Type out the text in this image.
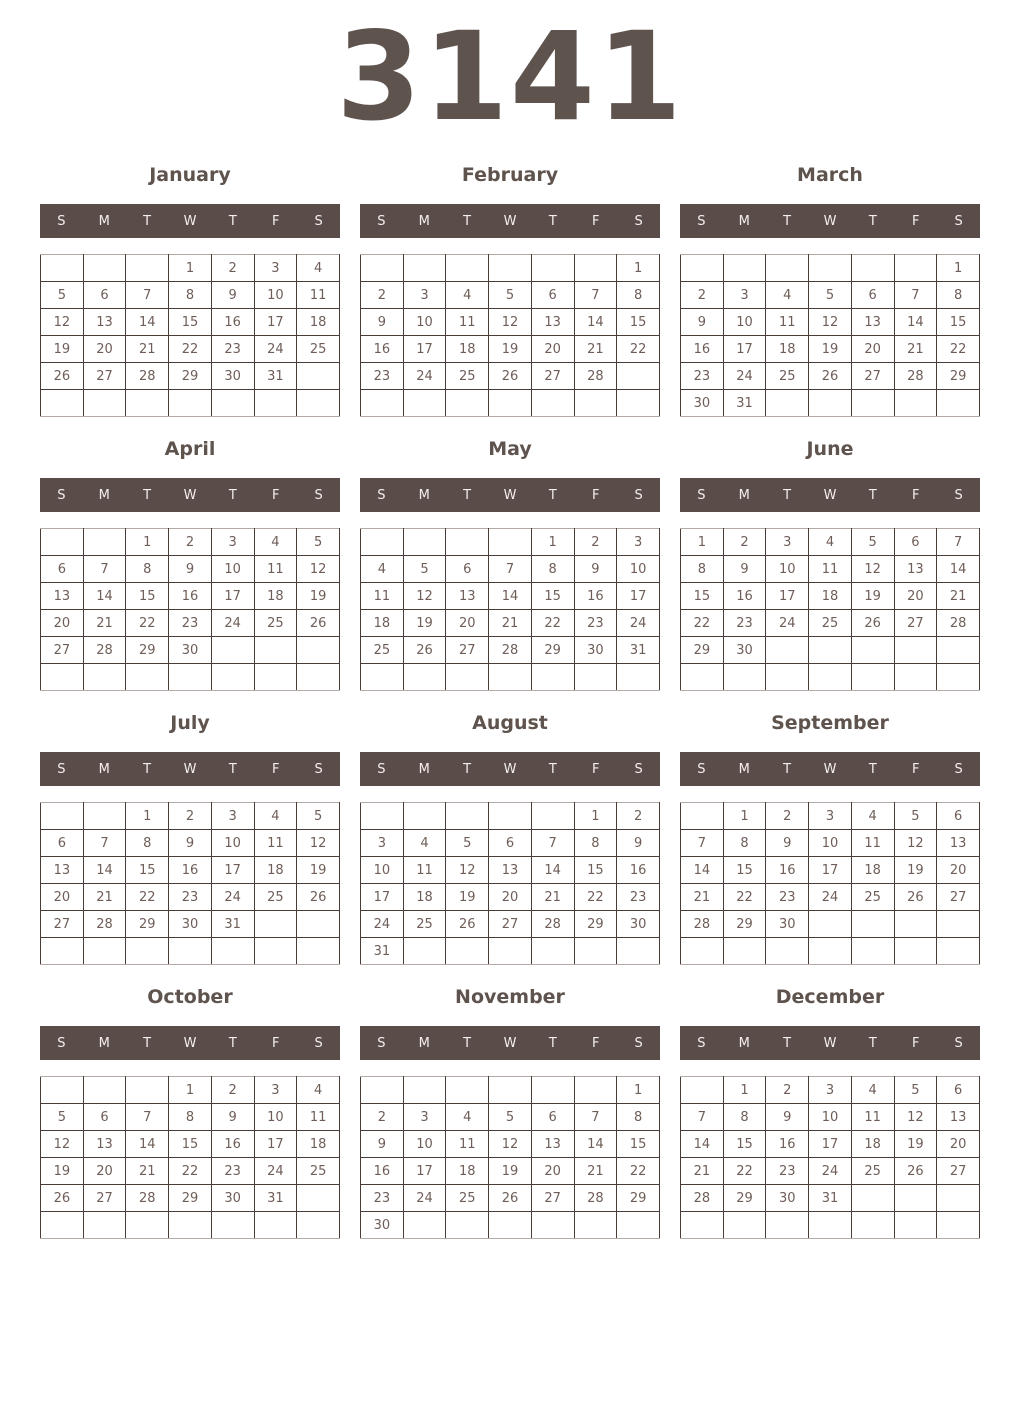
3141
January
S	M	T	W	T	F	S
			1	2	3	4
5	6	7	8	9	10	11
12	13	14	15	16	17	18
19	20	21	22	23	24	25
26	27	28	29	30	31	

February
S	M	T	W	T	F	S
						1
2	3	4	5	6	7	8
9	10	11	12	13	14	15
16	17	18	19	20	21	22
23	24	25	26	27	28	

March
S	M	T	W	T	F	S
						1
2	3	4	5	6	7	8
9	10	11	12	13	14	15
16	17	18	19	20	21	22
23	24	25	26	27	28	29
30	31					
April
S	M	T	W	T	F	S
		1	2	3	4	5
6	7	8	9	10	11	12
13	14	15	16	17	18	19
20	21	22	23	24	25	26
27	28	29	30			

May
S	M	T	W	T	F	S
				1	2	3
4	5	6	7	8	9	10
11	12	13	14	15	16	17
18	19	20	21	22	23	24
25	26	27	28	29	30	31

June
S	M	T	W	T	F	S
1	2	3	4	5	6	7
8	9	10	11	12	13	14
15	16	17	18	19	20	21
22	23	24	25	26	27	28
29	30					

July
S	M	T	W	T	F	S
		1	2	3	4	5
6	7	8	9	10	11	12
13	14	15	16	17	18	19
20	21	22	23	24	25	26
27	28	29	30	31		

August
S	M	T	W	T	F	S
					1	2
3	4	5	6	7	8	9
10	11	12	13	14	15	16
17	18	19	20	21	22	23
24	25	26	27	28	29	30
31						
September
S	M	T	W	T	F	S
	1	2	3	4	5	6
7	8	9	10	11	12	13
14	15	16	17	18	19	20
21	22	23	24	25	26	27
28	29	30				

October
S	M	T	W	T	F	S
			1	2	3	4
5	6	7	8	9	10	11
12	13	14	15	16	17	18
19	20	21	22	23	24	25
26	27	28	29	30	31	

November
S	M	T	W	T	F	S
						1
2	3	4	5	6	7	8
9	10	11	12	13	14	15
16	17	18	19	20	21	22
23	24	25	26	27	28	29
30						
December
S	M	T	W	T	F	S
	1	2	3	4	5	6
7	8	9	10	11	12	13
14	15	16	17	18	19	20
21	22	23	24	25	26	27
28	29	30	31			
